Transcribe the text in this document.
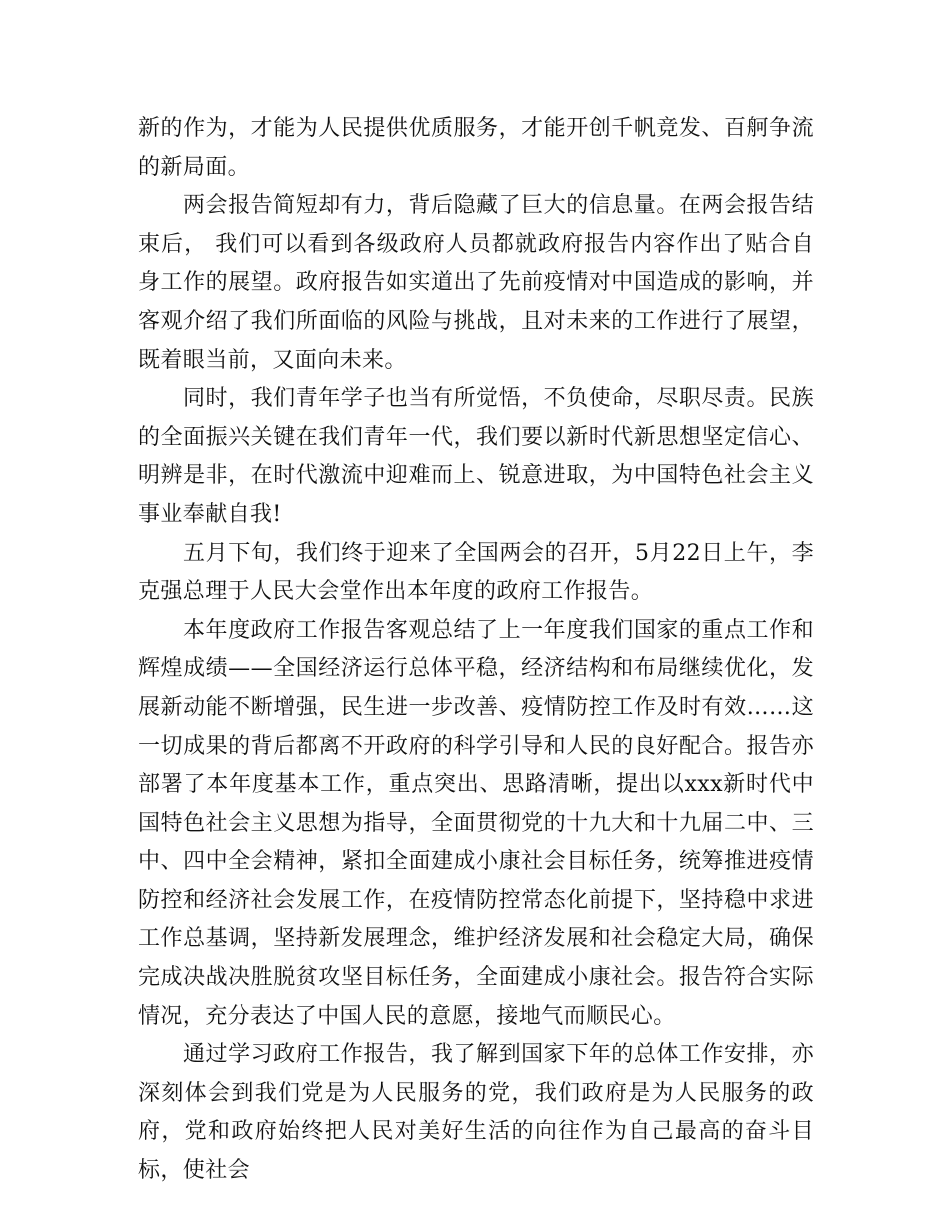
新的作为，才能为人民提供优质服务，才能开创千帆竞发、百舸争流的新局面。

两会报告简短却有力，背后隐藏了巨大的信息量。在两会报告结束后， 我们可以看到各级政府人员都就政府报告内容作出了贴合自身工作的展望。政府报告如实道出了先前疫情对中国造成的影响，并客观介绍了我们所面临的风险与挑战，且对未来的工作进行了展望，既着眼当前，又面向未来。

同时，我们青年学子也当有所觉悟，不负使命，尽职尽责。民族的全面振兴关键在我们青年一代，我们要以新时代新思想坚定信心、明辨是非，在时代激流中迎难而上、锐意进取，为中国特色社会主义事业奉献自我!

五月下旬，我们终于迎来了全国两会的召开，5月22日上午，李克强总理于人民大会堂作出本年度的政府工作报告。

本年度政府工作报告客观总结了上一年度我们国家的重点工作和辉煌成绩——全国经济运行总体平稳，经济结构和布局继续优化，发展新动能不断增强，民生进一步改善、疫情防控工作及时有效……这一切成果的背后都离不开政府的科学引导和人民的良好配合。报告亦部署了本年度基本工作，重点突出、思路清晰，提出以xxx新时代中国特色社会主义思想为指导，全面贯彻党的十九大和十九届二中、三中、四中全会精神，紧扣全面建成小康社会目标任务，统筹推进疫情防控和经济社会发展工作，在疫情防控常态化前提下，坚持稳中求进工作总基调，坚持新发展理念，维护经济发展和社会稳定大局，确保完成决战决胜脱贫攻坚目标任务，全面建成小康社会。报告符合实际情况，充分表达了中国人民的意愿，接地气而顺民心。

通过学习政府工作报告，我了解到国家下年的总体工作安排，亦深刻体会到我们党是为人民服务的党，我们政府是为人民服务的政府，党和政府始终把人民对美好生活的向往作为自己最高的奋斗目标，使社会
